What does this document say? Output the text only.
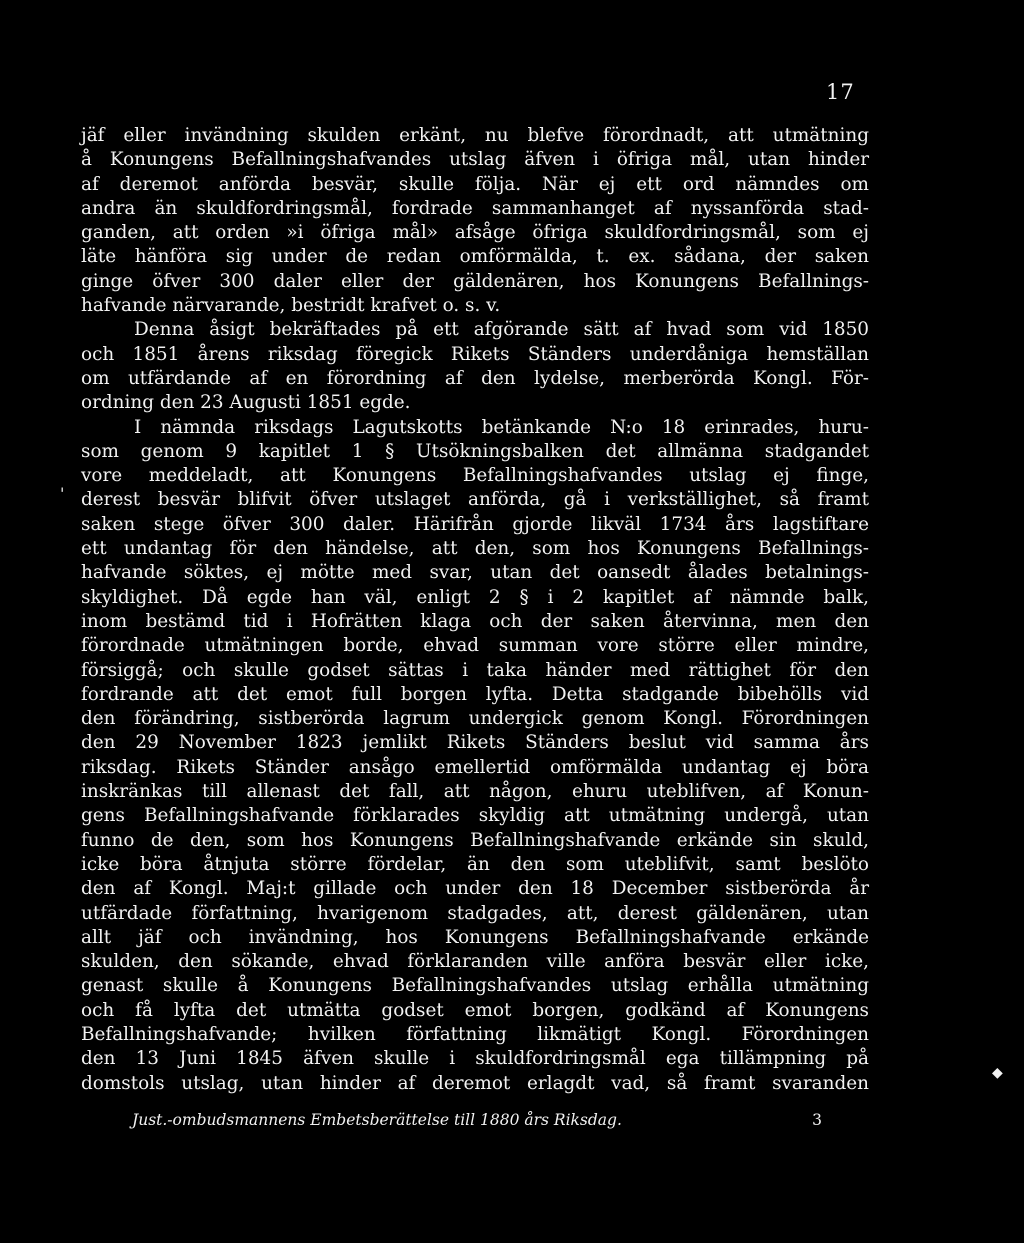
17
jäf eller invändning skulden erkänt, nu blefve förordnadt, att utmätning
å Konungens Befallningshafvandes utslag äfven i öfriga mål, utan hinder
af deremot anförda besvär, skulle följa. När ej ett ord nämndes om
andra än skuldfordringsmål, fordrade sammanhanget af nyssanförda stad-
ganden, att orden »i öfriga mål» afsåge öfriga skuldfordringsmål, som ej
läte hänföra sig under de redan omförmälda, t. ex. sådana, der saken
ginge öfver 300 daler eller der gäldenären, hos Konungens Befallnings-
hafvande närvarande, bestridt krafvet o. s. v.
Denna åsigt bekräftades på ett afgörande sätt af hvad som vid 1850
och 1851 årens riksdag föregick Rikets Ständers underdåniga hemställan
om utfärdande af en förordning af den lydelse, merberörda Kongl. För-
ordning den 23 Augusti 1851 egde.
I nämnda riksdags Lagutskotts betänkande N:o 18 erinrades, huru-
som genom 9 kapitlet 1 § Utsökningsbalken det allmänna stadgandet
vore meddeladt, att Konungens Befallningshafvandes utslag ej finge,
derest besvär blifvit öfver utslaget anförda, gå i verkställighet, så framt
saken stege öfver 300 daler. Härifrån gjorde likväl 1734 års lagstiftare
ett undantag för den händelse, att den, som hos Konungens Befallnings-
hafvande söktes, ej mötte med svar, utan det oansedt ålades betalnings-
skyldighet. Då egde han väl, enligt 2 § i 2 kapitlet af nämnde balk,
inom bestämd tid i Hofrätten klaga och der saken återvinna, men den
förordnade utmätningen borde, ehvad summan vore större eller mindre,
försiggå; och skulle godset sättas i taka händer med rättighet för den
fordrande att det emot full borgen lyfta. Detta stadgande bibehölls vid
den förändring, sistberörda lagrum undergick genom Kongl. Förordningen
den 29 November 1823 jemlikt Rikets Ständers beslut vid samma års
riksdag. Rikets Ständer ansågo emellertid omförmälda undantag ej böra
inskränkas till allenast det fall, att någon, ehuru uteblifven, af Konun-
gens Befallningshafvande förklarades skyldig att utmätning undergå, utan
funno de den, som hos Konungens Befallningshafvande erkände sin skuld,
icke böra åtnjuta större fördelar, än den som uteblifvit, samt beslöto
den af Kongl. Maj:t gillade och under den 18 December sistberörda år
utfärdade författning, hvarigenom stadgades, att, derest gäldenären, utan
allt jäf och invändning, hos Konungens Befallningshafvande erkände
skulden, den sökande, ehvad förklaranden ville anföra besvär eller icke,
genast skulle å Konungens Befallningshafvandes utslag erhålla utmätning
och få lyfta det utmätta godset emot borgen, godkänd af Konungens
Befallningshafvande; hvilken författning likmätigt Kongl. Förordningen
den 13 Juni 1845 äfven skulle i skuldfordringsmål ega tillämpning på
domstols utslag, utan hinder af deremot erlagdt vad, så framt svaranden
Just.-ombudsmannens Embetsberättelse till 1880 års Riksdag.	3
'
◆
